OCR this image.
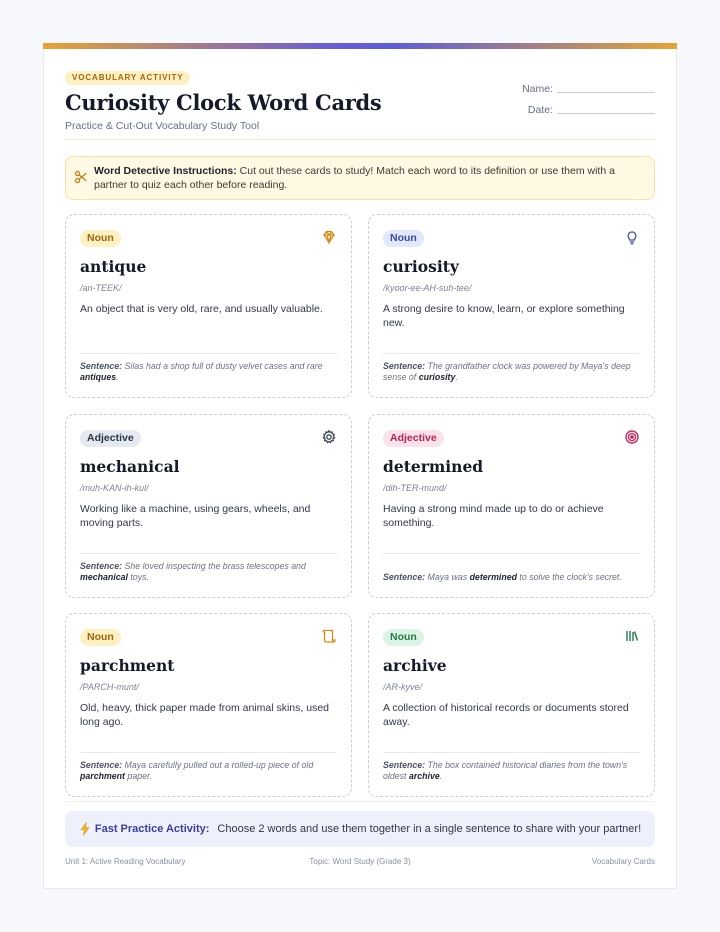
VOCABULARY ACTIVITY
Curiosity Clock Word Cards
Practice & Cut-Out Vocabulary Study Tool
Name:
Date:
Word Detective Instructions: Cut out these cards to study! Match each word to its definition or use them with a partner to quiz each other before reading.
Noun
antique
/an-TEEK/
An object that is very old, rare, and usually valuable.
Sentence: Silas had a shop full of dusty velvet cases and rare antiques.
Noun
curiosity
/kyoor-ee-AH-suh-tee/
A strong desire to know, learn, or explore something new.
Sentence: The grandfather clock was powered by Maya's deep sense of curiosity.
Adjective
mechanical
/muh-KAN-ih-kul/
Working like a machine, using gears, wheels, and moving parts.
Sentence: She loved inspecting the brass telescopes and mechanical toys.
Adjective
determined
/dih-TER-mund/
Having a strong mind made up to do or achieve something.
Sentence: Maya was determined to solve the clock's secret.
Noun
parchment
/PARCH-munt/
Old, heavy, thick paper made from animal skins, used long ago.
Sentence: Maya carefully pulled out a rolled-up piece of old parchment paper.
Noun
archive
/AR-kyve/
A collection of historical records or documents stored away.
Sentence: The box contained historical diaries from the town's oldest archive.
Fast Practice Activity: Choose 2 words and use them together in a single sentence to share with your partner!
Unit 1: Active Reading Vocabulary	Topic: Word Study (Grade 3)	Vocabulary Cards
